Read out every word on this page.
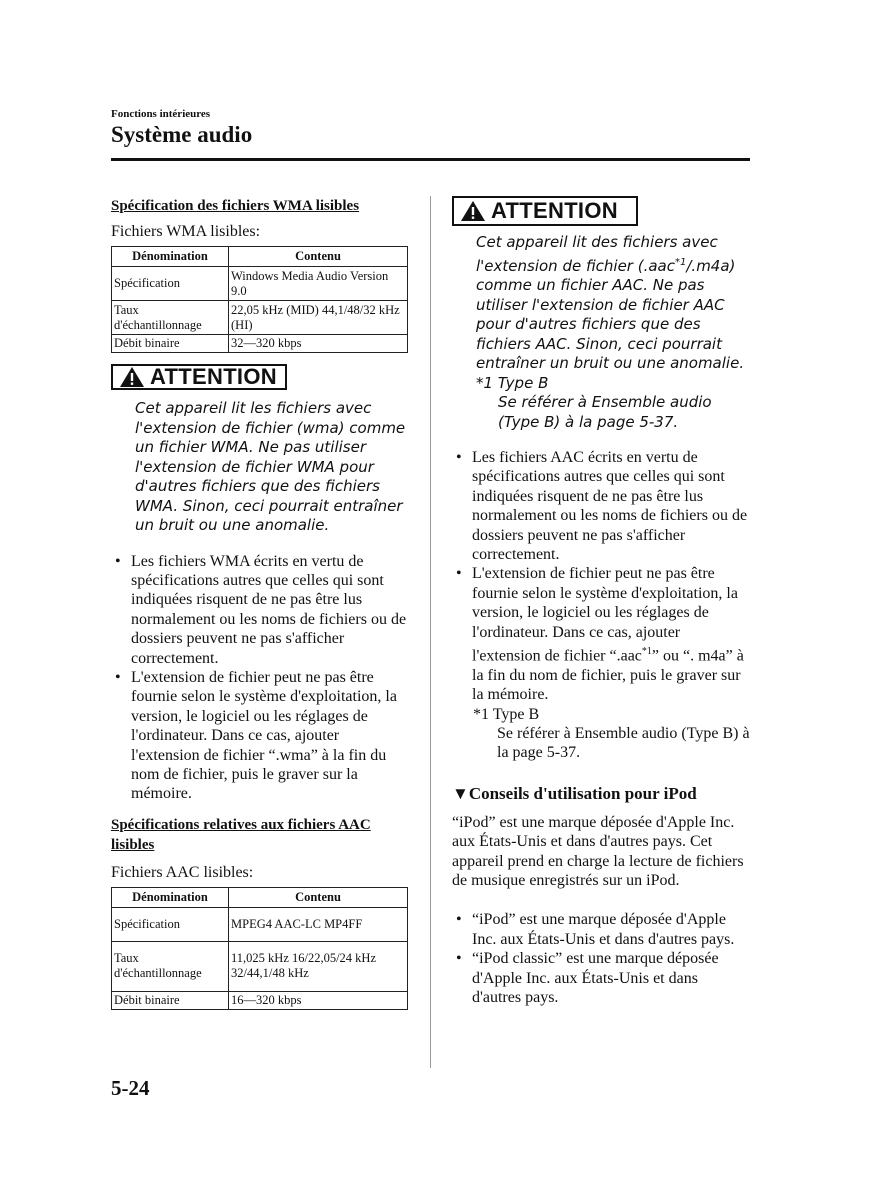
Fonctions intérieures
Système audio
Spécification des fichiers WMA lisibles
Fichiers WMA lisibles:
Dénomination	Contenu
Spécification	Windows Media Audio Version 9.0
Taux d'échantillonnage	22,05 kHz (MID) 44,1/48/32 kHz (HI)
Débit binaire	32—320 kbps
ATTENTION
Cet appareil lit les fichiers avec l'extension de fichier (wma) comme un fichier WMA. Ne pas utiliser l'extension de fichier WMA pour d'autres fichiers que des fichiers WMA. Sinon, ceci pourrait entraîner un bruit ou une anomalie.
• Les fichiers WMA écrits en vertu de spécifications autres que celles qui sont indiquées risquent de ne pas être lus normalement ou les noms de fichiers ou de dossiers peuvent ne pas s'afficher correctement.
• L'extension de fichier peut ne pas être fournie selon le système d'exploitation, la version, le logiciel ou les réglages de l'ordinateur. Dans ce cas, ajouter l'extension de fichier “.wma” à la fin du nom de fichier, puis le graver sur la mémoire.
Spécifications relatives aux fichiers AAC lisibles
Fichiers AAC lisibles:
Dénomination	Contenu
Spécification	MPEG4 AAC-LC MP4FF
Taux d'échantillonnage	11,025 kHz 16/22,05/24 kHz 32/44,1/48 kHz
Débit binaire	16—320 kbps
ATTENTION
Cet appareil lit des fichiers avec l'extension de fichier (.aac$^{*1}$/.m4a) comme un fichier AAC. Ne pas utiliser l'extension de fichier AAC pour d'autres fichiers que des fichiers AAC. Sinon, ceci pourrait entraîner un bruit ou une anomalie.
*1 Type B
Se référer à Ensemble audio (Type B) à la page 5-37.
• Les fichiers AAC écrits en vertu de spécifications autres que celles qui sont indiquées risquent de ne pas être lus normalement ou les noms de fichiers ou de dossiers peuvent ne pas s'afficher correctement.
• L'extension de fichier peut ne pas être fournie selon le système d'exploitation, la version, le logiciel ou les réglages de l'ordinateur. Dans ce cas, ajouter l'extension de fichier “.aac$^{*1}$” ou “. m4a” à la fin du nom de fichier, puis le graver sur la mémoire.
*1 Type B
Se référer à Ensemble audio (Type B) à la page 5-37.
▼Conseils d'utilisation pour iPod
“iPod” est une marque déposée d'Apple Inc. aux États-Unis et dans d'autres pays. Cet appareil prend en charge la lecture de fichiers de musique enregistrés sur un iPod.
• “iPod” est une marque déposée d'Apple Inc. aux États-Unis et dans d'autres pays.
• “iPod classic” est une marque déposée d'Apple Inc. aux États-Unis et dans d'autres pays.
5-24
